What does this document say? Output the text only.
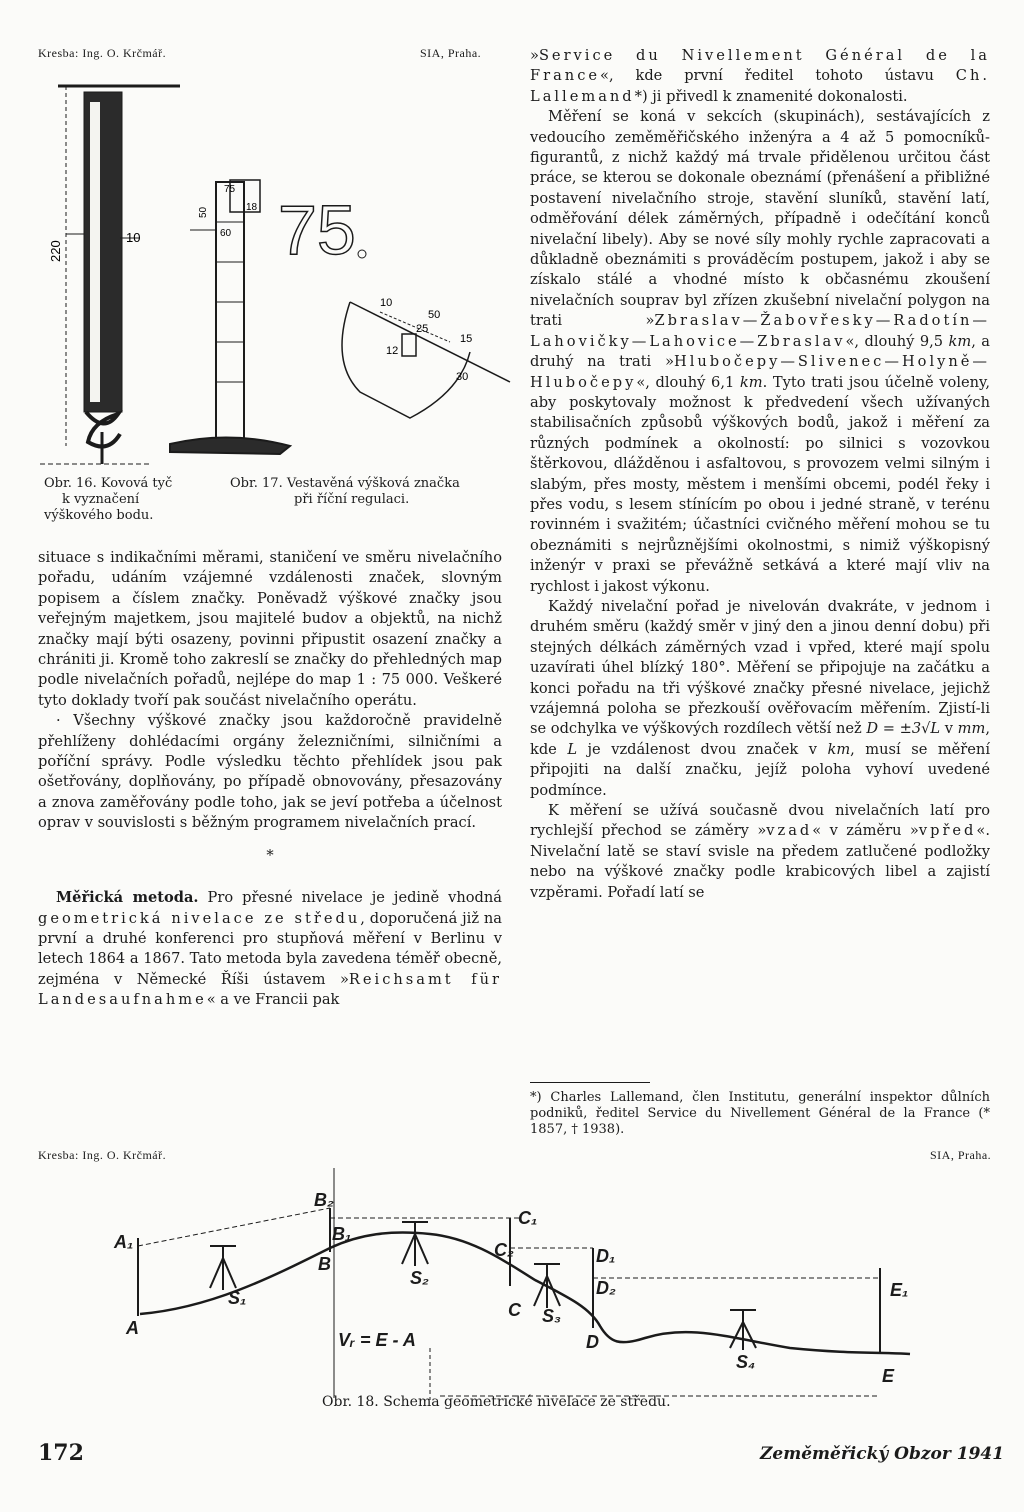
Kresba: Ing. O. Krčmář.	SIA, Praha.
220
10
75
50	18
60 75
10
50
25
15
12
30
Obr. 16. Kovová tyč
k vyznačení
výškového bodu.
Obr. 17. Vestavěná výšková značka
při říční regulaci.

situace s indikačními měrami, staničení ve směru nivelačního pořadu, udáním vzájemné vzdálenosti značek, slovným popisem a číslem značky. Poněvadž výškové značky jsou veřejným majetkem, jsou majitelé budov a objektů, na nichž značky mají býti osazeny, povinni připustit osazení značky a chrániti ji. Kromě toho zakreslí se značky do přehledných map podle nivelačních pořadů, nejlépe do map 1 : 75 000. Veškeré tyto doklady tvoří pak součást nivelačního operátu.

· Všechny výškové značky jsou každoročně pravidelně přehlíženy dohlédacími orgány železničními, silničními a poříční správy. Podle výsledku těchto přehlídek jsou pak ošetřovány, doplňovány, po případě obnovovány, přesazovány a znova zaměřovány podle toho, jak se jeví potřeba a účelnost oprav v souvislosti s běžným programem nivelačních prací.

*

Měřická metoda. Pro přesné nivelace je jedině vhodná geometrická nivelace ze středu, doporučená již na první a druhé konferenci pro stupňová měření v Berlinu v letech 1864 a 1867. Tato metoda byla zavedena téměř obecně, zejména v Německé Říši ústavem »Reichsamt für Landesaufnahme« a ve Francii pak

»Service du Nivellement Général de la France«, kde první ředitel tohoto ústavu Ch. Lallemand*) ji přivedl k znamenité dokonalosti.

Měření se koná v sekcích (skupinách), sestávajících z vedoucího zeměměřičského inženýra a 4 až 5 pomocníků-figurantů, z nichž každý má trvale přidělenou určitou část práce, se kterou se dokonale obeznámí (přenášení a přibližné postavení nivelačního stroje, stavění sluníků, stavění latí, odměřování délek záměrných, případně i odečítání konců nivelační libely). Aby se nové síly mohly rychle zapracovati a důkladně obeznámiti s prováděcím postupem, jakož i aby se získalo stálé a vhodné místo k občasnému zkoušení nivelačních souprav byl zřízen zkušební nivelační polygon na trati »Zbraslav—Žabovřesky—Radotín—Lahovičky—Lahovice—Zbraslav«, dlouhý 9,5 km, a druhý na trati »Hlubočepy—Slivenec—Holyně—Hlubočepy«, dlouhý 6,1 km. Tyto trati jsou účelně voleny, aby poskytovaly možnost k předvedení všech užívaných stabilisačních způsobů výškových bodů, jakož i měření za různých podmínek a okolností: po silnici s vozovkou štěrkovou, dlážděnou i asfaltovou, s provozem velmi silným i slabým, přes mosty, městem i menšími obcemi, podél řeky i přes vodu, s lesem stínícím po obou i jedné straně, v terénu rovinném i svažitém; účastníci cvičného měření mohou se tu obeznámiti s nejrůznějšími okolnostmi, s nimiž výškopisný inženýr v praxi se převážně setkává a které mají vliv na rychlost i jakost výkonu.

Každý nivelační pořad je nivelován dvakráte, v jednom i druhém směru (každý směr v jiný den a jinou denní dobu) při stejných délkách záměrných vzad i vpřed, které mají spolu uzavírati úhel blízký 180°. Měření se připojuje na začátku a konci pořadu na tři výškové značky přesné nivelace, jejichž vzájemná poloha se přezkouší ověřovacím měřením. Zjistí-li se odchylka ve výškových rozdílech větší než D = ±3√L v mm, kde L je vzdálenost dvou značek v km, musí se měření připojiti na další značku, jejíž poloha vyhoví uvedené podmínce.

K měření se užívá současně dvou nivelačních latí pro rychlejší přechod se záměry »vzad« v záměru »vpřed«. Nivelační latě se staví svisle na předem zatlučené podložky nebo na výškové značky podle krabicových libel a zajistí vzpěrami. Pořadí latí se

*) Charles Lallemand, člen Institutu, generální inspektor důlních podniků, ředitel Service du Nivellement Général de la France (* 1857, † 1938).
Kresba: Ing. O. Krčmář.	SIA, Praha.
A₁
A
B₂
B₁
B
C₁
C₂
C
D₁
D₂
D
E₁
E
S₁
S₂
S₃
S₄
Vᵣ = E - A
Obr. 18. Schema geometrické nivelace ze středu.
172	Zeměměřický Obzor 1941
